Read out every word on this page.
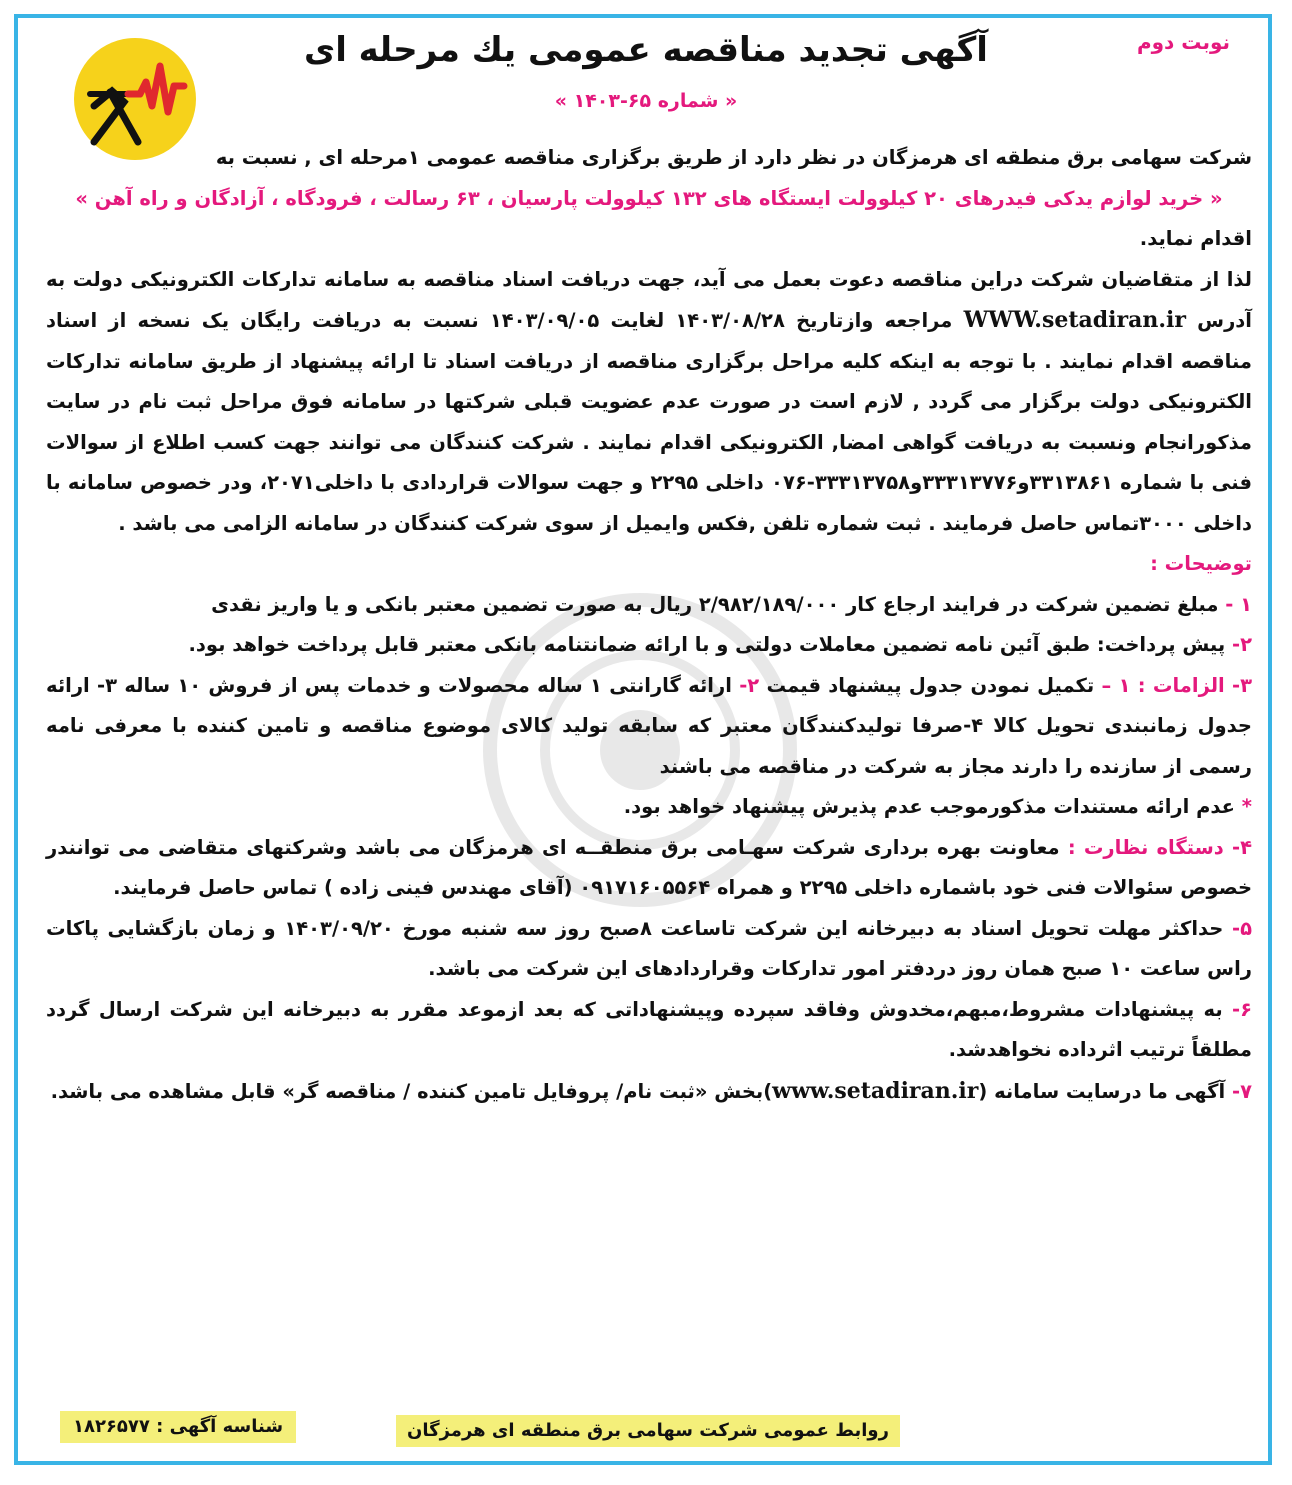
نوبت دوم
آگهی تجدید مناقصه عمومی یك مرحله ای
« شماره ۶۵-۱۴۰۳ »

شرکت سهامی برق منطقه ای هرمزگان در نظر دارد از طریق برگزاری مناقصه عمومی ۱مرحله ای , نسبت به

« خرید لوازم یدکی فیدرهای ۲۰ کیلوولت ایستگاه های ۱۳۲ کیلوولت پارسیان ، ۶۳ رسالت ، فرودگاه ، آزادگان و راه آهن »

اقدام نماید.

لذا از متقاضیان شرکت دراین مناقصه دعوت بعمل می آید، جهت دریافت اسناد مناقصه به سامانه تدارکات الکترونیکی دولت به آدرس WWW.setadiran.ir مراجعه وازتاریخ ۱۴۰۳/۰۸/۲۸ لغایت ۱۴۰۳/۰۹/۰۵ نسبت به دریافت رایگان یک نسخه از اسناد مناقصه اقدام نمایند . با توجه به اینکه کلیه مراحل برگزاری مناقصه از دریافت اسناد تا ارائه پیشنهاد از طریق سامانه تدارکات الکترونیکی دولت برگزار می گردد , لازم است در صورت عدم عضویت قبلی شرکتها در سامانه فوق مراحل ثبت نام در سایت مذکورانجام ونسبت به دریافت گواهی امضا, الکترونیکی اقدام نمایند . شرکت کنندگان می توانند جهت کسب اطلاع از سوالات فنی با شماره ۳۳۱۳۸۶۱و۳۳۳۱۳۷۷۶و۳۳۳۱۳۷۵۸-۰۷۶ داخلی ۲۲۹۵ و جهت سوالات قراردادی با داخلی۲۰۷۱، ودر خصوص سامانه با داخلی ۳۰۰۰تماس حاصل فرمایند . ثبت شماره تلفن ,فکس وایمیل از سوی شرکت کنندگان در سامانه الزامی می باشد .

توضیحات :

۱ - مبلغ تضمین شرکت در فرایند ارجاع کار ۲/۹۸۲/۱۸۹/۰۰۰ ریال به صورت تضمین معتبر بانکی و یا واریز نقدی

۲- پیش پرداخت: طبق آئین نامه تضمین معاملات دولتی و با ارائه ضمانتنامه بانکی معتبر قابل پرداخت خواهد بود.

۳- الزامات : ۱ – تکمیل نمودن جدول پیشنهاد قیمت ۲- ارائه گارانتی ۱ ساله محصولات و خدمات پس از فروش ۱۰ ساله ۳- ارائه جدول زمانبندی تحویل کالا ۴-صرفا تولیدکنندگان معتبر که سابقه تولید کالای موضوع مناقصه و تامین کننده با معرفی نامه رسمی از سازنده را دارند مجاز به شرکت در مناقصه می باشند

* عدم ارائه مستندات مذکورموجب عدم پذیرش پیشنهاد خواهد بود.

۴- دستگاه نظارت : معاونت بهره برداری شرکت سهـامی برق منطقــه ای هرمزگان می باشد وشرکتهای متقاضی می توانندر خصوص سئوالات فنی خود باشماره داخلی ۲۲۹۵ و همراه ۰۹۱۷۱۶۰۵۵۶۴ (آقای مهندس فینی زاده ) تماس حاصل فرمایند.

۵- حداکثر مهلت تحویل اسناد به دبیرخانه این شرکت تاساعت ۸صبح روز سه شنبه مورخ ۱۴۰۳/۰۹/۲۰ و زمان بازگشایی پاکات راس ساعت ۱۰ صبح همان روز دردفتر امور تدارکات وقراردادهای این شرکت می باشد.

۶- به پیشنهادات مشروط،مبهم،مخدوش وفاقد سپرده وپیشنهاداتی که بعد ازموعد مقرر به دبیرخانه این شرکت ارسال گردد مطلقاً ترتیب اثرداده نخواهدشد.

۷- آگهی ما درسایت سامانه (www.setadiran.ir)بخش «ثبت نام/ پروفایل تامین کننده / مناقصه گر» قابل مشاهده می باشد.

شناسه آگهی : ۱۸۲۶۵۷۷	روابط عمومی شرکت سهامی برق منطقه ای هرمزگان
